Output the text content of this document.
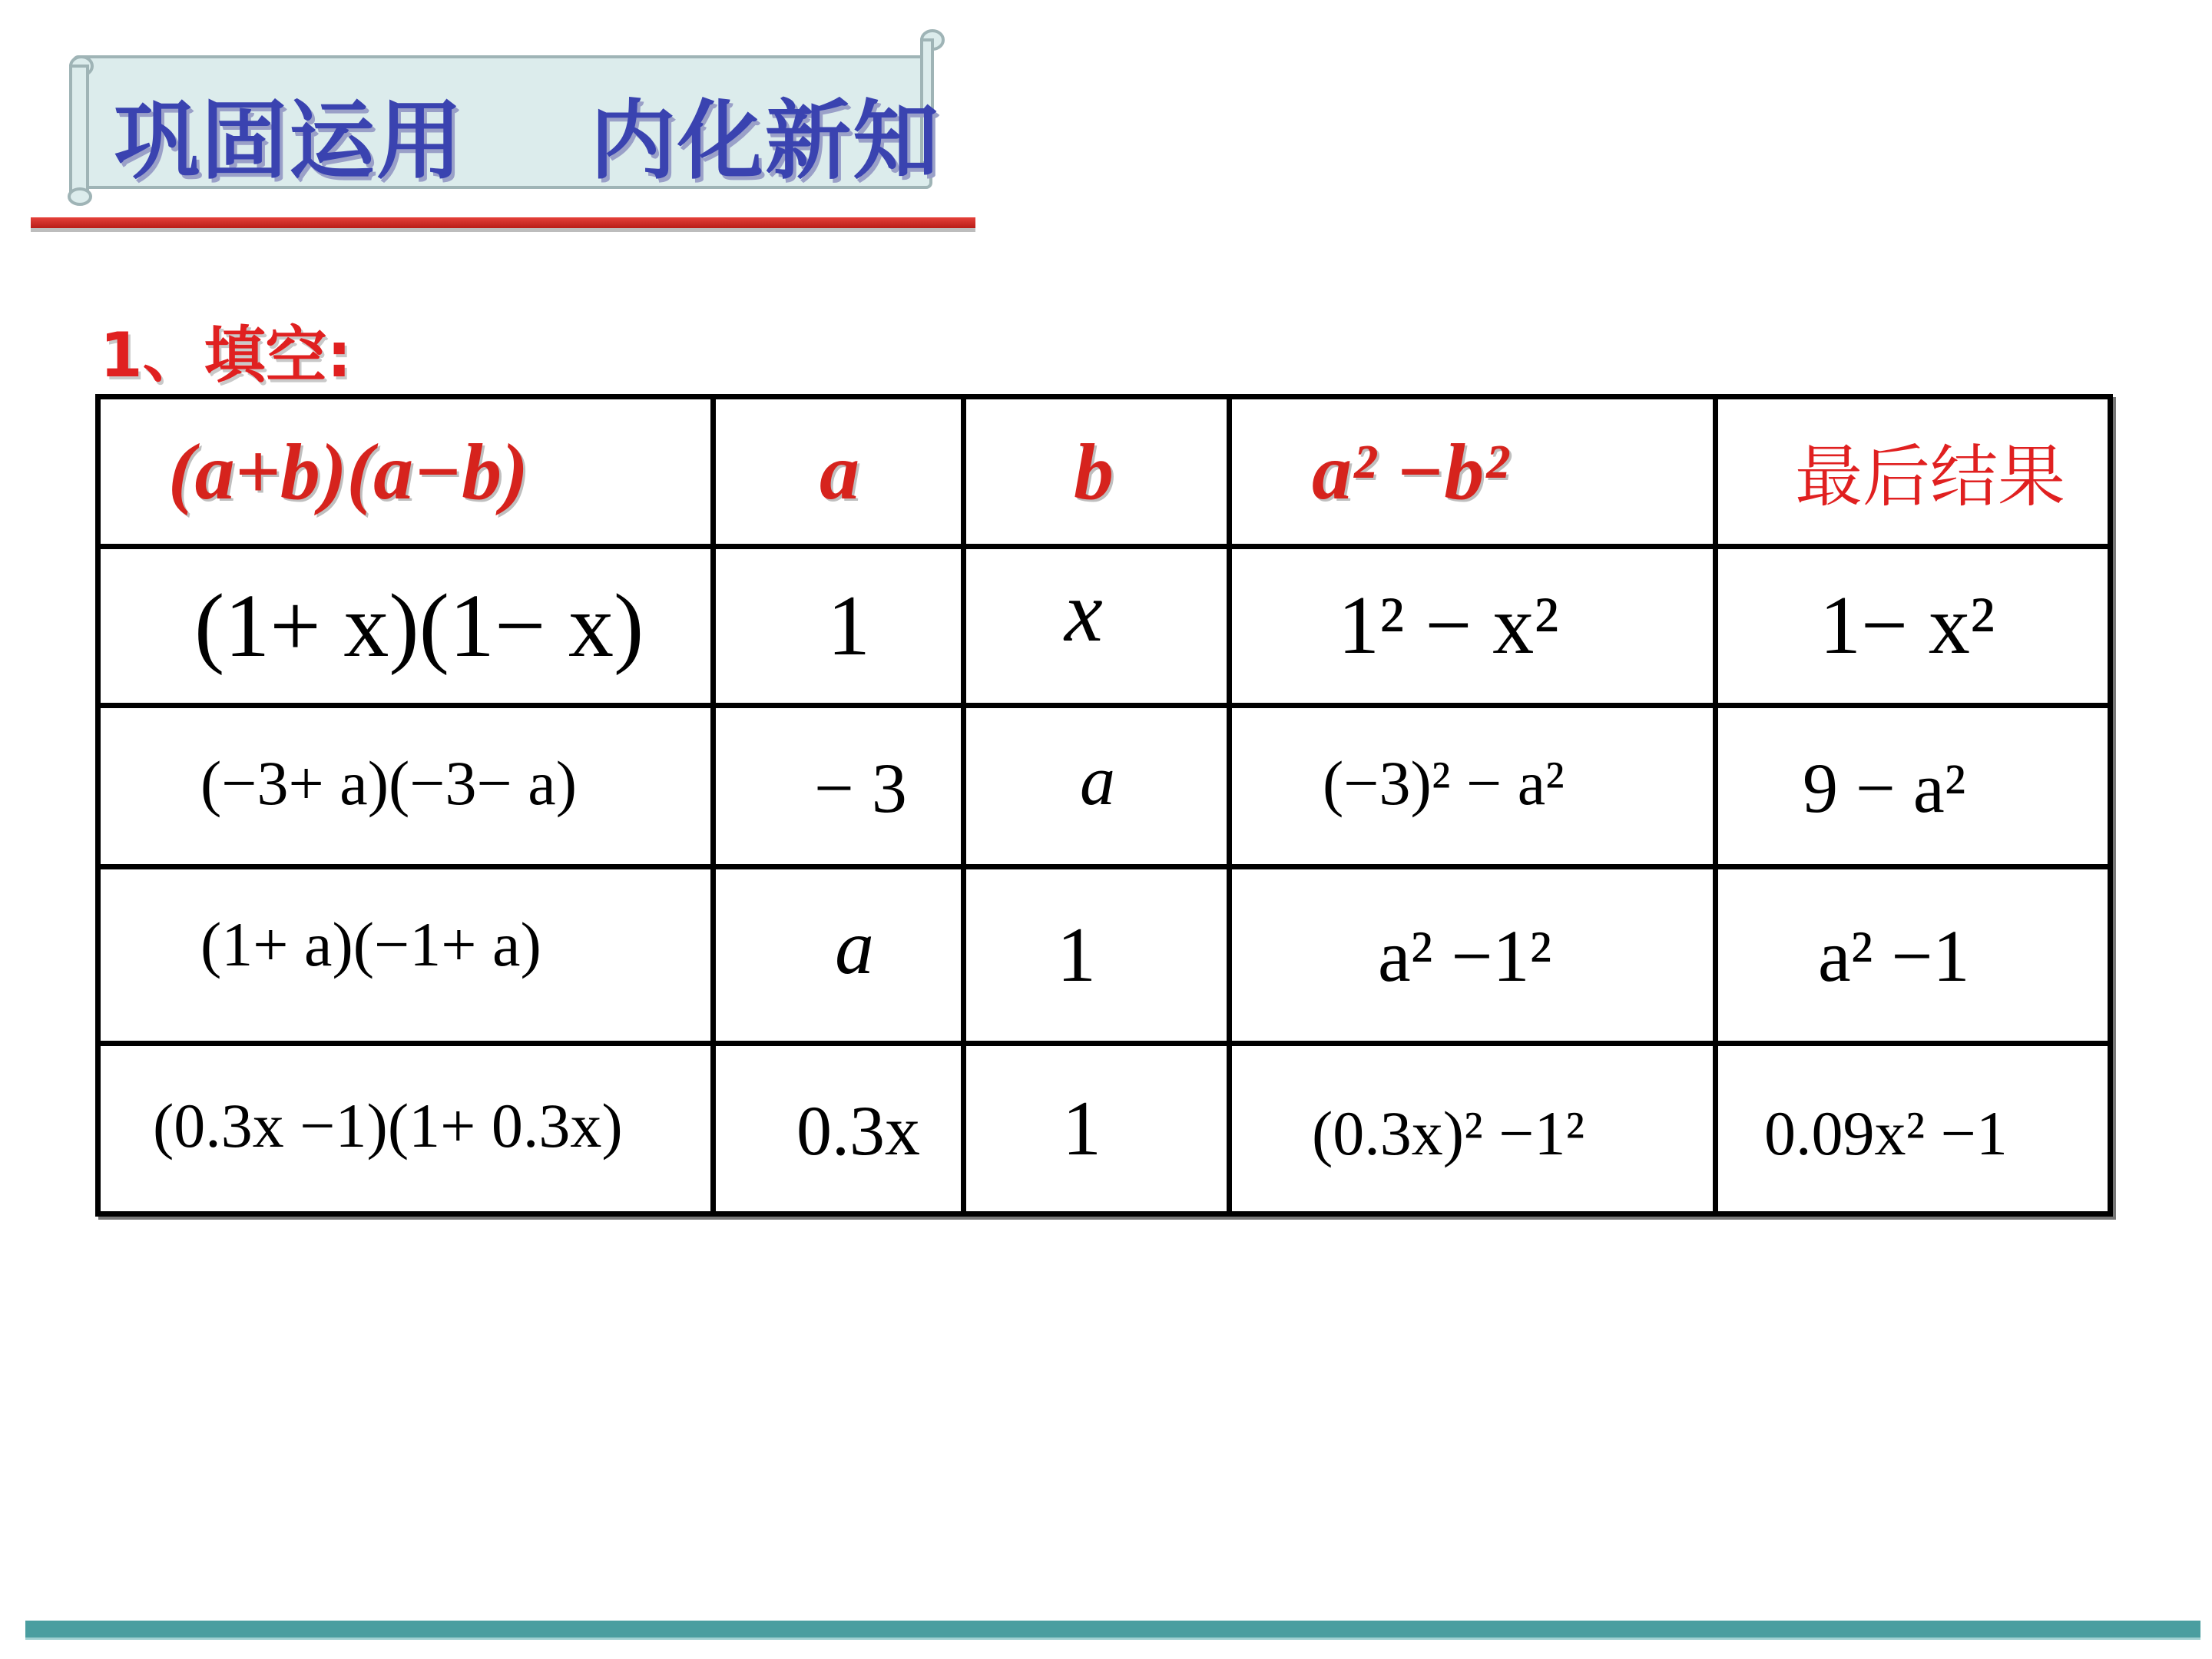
巩固运用    内化新知
1、填空:
(a+b)(a−b)	a	b	a² −b²	最后结果
(1+ x)(1− x)	1	x	1² − x²	1− x²
(−3+ a)(−3− a)	− 3	a	(−3)² − a²	9 − a²
(1+ a)(−1+ a)	a	1	a² −1²	a² −1
(0.3x −1)(1+ 0.3x)	0.3x	1	(0.3x)² −1²	0.09x² −1
